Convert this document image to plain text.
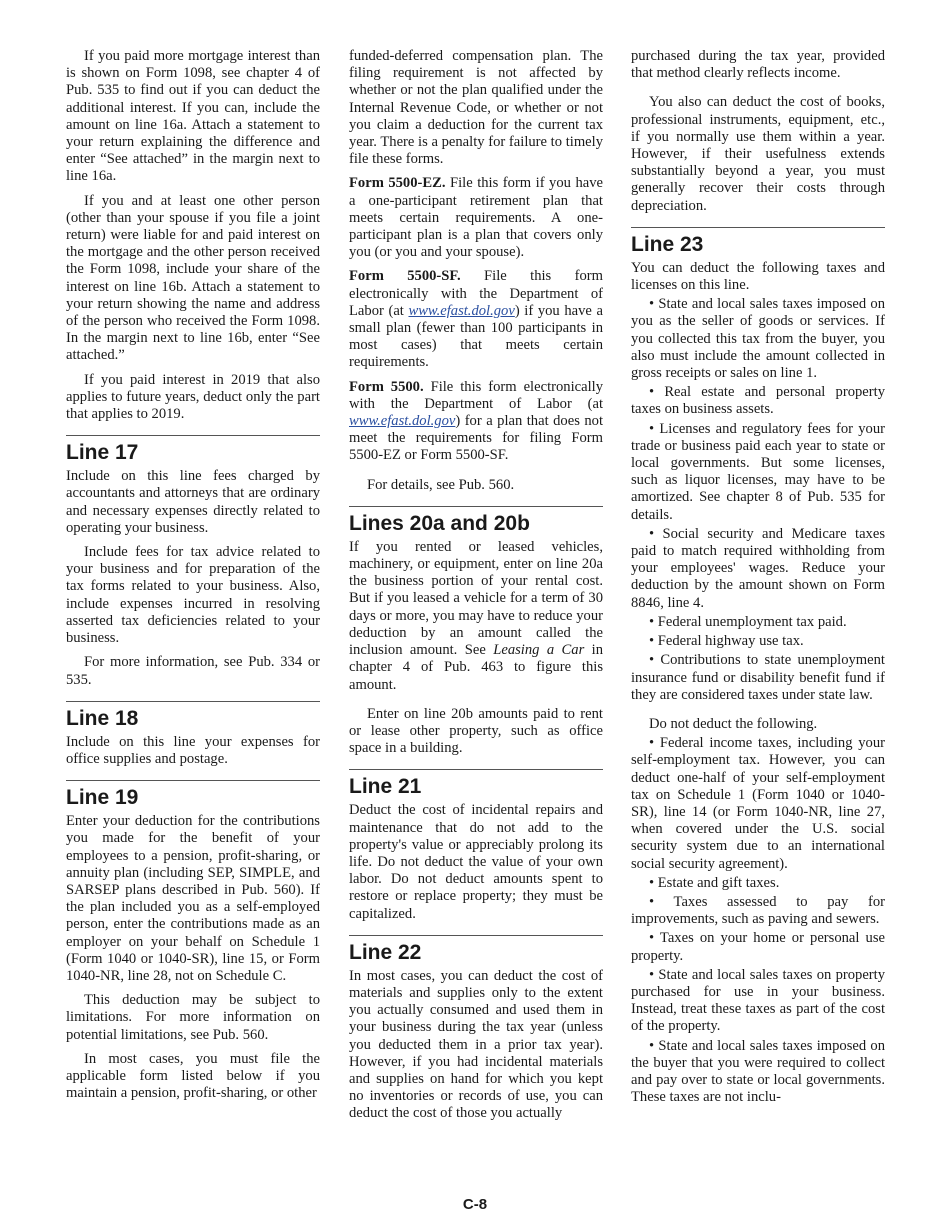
If you paid more mortgage interest than is shown on Form 1098, see chapter 4 of Pub. 535 to find out if you can deduct the additional interest. If you can, include the amount on line 16a. Attach a statement to your return explaining the difference and enter “See attached” in the margin next to line 16a.

If you and at least one other person (other than your spouse if you file a joint return) were liable for and paid interest on the mortgage and the other person received the Form 1098, include your share of the interest on line 16b. Attach a statement to your return showing the name and address of the person who received the Form 1098. In the margin next to line 16b, enter “See attached.”

If you paid interest in 2019 that also applies to future years, deduct only the part that applies to 2019.

Line 17

Include on this line fees charged by accountants and attorneys that are ordinary and necessary expenses directly related to operating your business.

Include fees for tax advice related to your business and for preparation of the tax forms related to your business. Also, include expenses incurred in resolving asserted tax deficiencies related to your business.

For more information, see Pub. 334 or 535.

Line 18

Include on this line your expenses for office supplies and postage.

Line 19

Enter your deduction for the contributions you made for the benefit of your employees to a pension, profit-sharing, or annuity plan (including SEP, SIMPLE, and SARSEP plans described in Pub. 560). If the plan included you as a self-employed person, enter the contributions made as an employer on your behalf on Schedule 1 (Form 1040 or 1040-SR), line 15, or Form 1040-NR, line 28, not on Schedule C.

This deduction may be subject to limitations. For more information on potential limitations, see Pub. 560.

In most cases, you must file the applicable form listed below if you maintain a pension, profit-sharing, or other

funded-deferred compensation plan. The filing requirement is not affected by whether or not the plan qualified under the Internal Revenue Code, or whether or not you claim a deduction for the current tax year. There is a penalty for failure to timely file these forms.

Form 5500-EZ. File this form if you have a one-participant retirement plan that meets certain requirements. A one-participant plan is a plan that covers only you (or you and your spouse).

Form 5500-SF. File this form electronically with the Department of Labor (at www.efast.dol.gov) if you have a small plan (fewer than 100 participants in most cases) that meets certain requirements.

Form 5500. File this form electronically with the Department of Labor (at www.efast.dol.gov) for a plan that does not meet the requirements for filing Form 5500-EZ or Form 5500-SF.

For details, see Pub. 560.

Lines 20a and 20b

If you rented or leased vehicles, machinery, or equipment, enter on line 20a the business portion of your rental cost. But if you leased a vehicle for a term of 30 days or more, you may have to reduce your deduction by an amount called the inclusion amount. See Leasing a Car in chapter 4 of Pub. 463 to figure this amount.

Enter on line 20b amounts paid to rent or lease other property, such as office space in a building.

Line 21

Deduct the cost of incidental repairs and maintenance that do not add to the property's value or appreciably prolong its life. Do not deduct the value of your own labor. Do not deduct amounts spent to restore or replace property; they must be capitalized.

Line 22

In most cases, you can deduct the cost of materials and supplies only to the extent you actually consumed and used them in your business during the tax year (unless you deducted them in a prior tax year). However, if you had incidental materials and supplies on hand for which you kept no inventories or records of use, you can deduct the cost of those you actually

purchased during the tax year, provided that method clearly reflects income.

You also can deduct the cost of books, professional instruments, equipment, etc., if you normally use them within a year. However, if their usefulness extends substantially beyond a year, you must generally recover their costs through depreciation.

Line 23

You can deduct the following taxes and licenses on this line.

• State and local sales taxes imposed on you as the seller of goods or services. If you collected this tax from the buyer, you also must include the amount collected in gross receipts or sales on line 1.

• Real estate and personal property taxes on business assets.

• Licenses and regulatory fees for your trade or business paid each year to state or local governments. But some licenses, such as liquor licenses, may have to be amortized. See chapter 8 of Pub. 535 for details.

• Social security and Medicare taxes paid to match required withholding from your employees' wages. Reduce your deduction by the amount shown on Form 8846, line 4.

• Federal unemployment tax paid.

• Federal highway use tax.

• Contributions to state unemployment insurance fund or disability benefit fund if they are considered taxes under state law.

Do not deduct the following.

• Federal income taxes, including your self-employment tax. However, you can deduct one-half of your self-employment tax on Schedule 1 (Form 1040 or 1040-SR), line 14 (or Form 1040-NR, line 27, when covered under the U.S. social security system due to an international social security agreement).

• Estate and gift taxes.

• Taxes assessed to pay for improvements, such as paving and sewers.

• Taxes on your home or personal use property.

• State and local sales taxes on property purchased for use in your business. Instead, treat these taxes as part of the cost of the property.

• State and local sales taxes imposed on the buyer that you were required to collect and pay over to state or local governments. These taxes are not inclu-

C-8
